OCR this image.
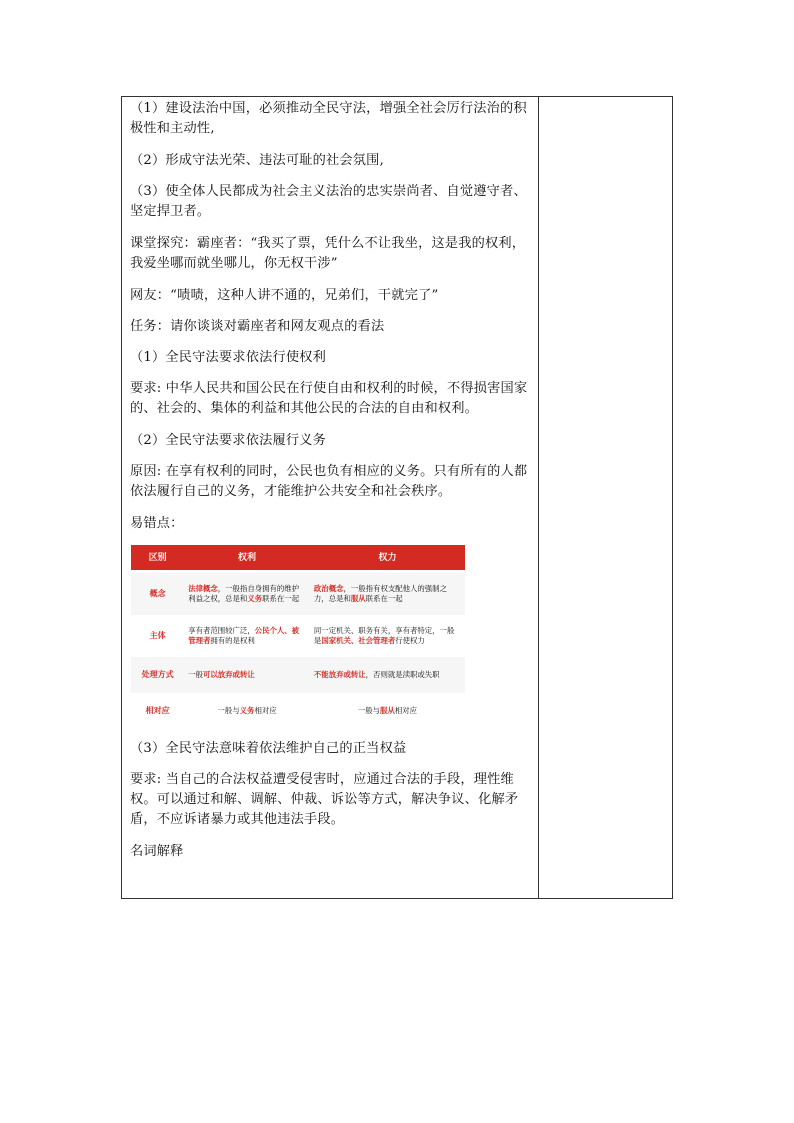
（1）建设法治中国，必须推动全民守法，增强全社会厉行法治的积极性和主动性,

（2）形成守法光荣、违法可耻的社会氛围,

（3）使全体人民都成为社会主义法治的忠实崇尚者、自觉遵守者、坚定捍卫者。

课堂探究：霸座者：“我买了票，凭什么不让我坐，这是我的权利，我爱坐哪而就坐哪儿，你无权干涉”

网友：“啧啧，这种人讲不通的，兄弟们，干就完了”

任务：请你谈谈对霸座者和网友观点的看法

（1）全民守法要求依法行使权利

要求: 中华人民共和国公民在行使自由和权利的时候，不得损害国家的、社会的、集体的利益和其他公民的合法的自由和权利。

（2）全民守法要求依法履行义务

原因: 在享有权利的同时，公民也负有相应的义务。只有所有的人都依法履行自己的义务，才能维护公共安全和社会秩序。

易错点：

区别	权利	权力

概念	法律概念，一般指自身拥有的维护利益之权，总是和义务联系在一起	政治概念，一般指有权支配他人的强制之力，总是和服从联系在一起
主体	享有者范围较广泛，公民个人、被管理者拥有的是权利	同一定机关、职务有关，享有者特定，一般是国家机关、社会管理者行使权力
处理方式	一般可以放弃或转让	不能放弃或转让，否则就是渎职或失职
相对应	一般与义务相对应	一般与服从相对应

（3）全民守法意味着依法维护自己的正当权益

要求: 当自己的合法权益遭受侵害时，应通过合法的手段，理性维权。可以通过和解、调解、仲裁、诉讼等方式，解决争议、化解矛盾，不应诉诸暴力或其他违法手段。

名词解释
